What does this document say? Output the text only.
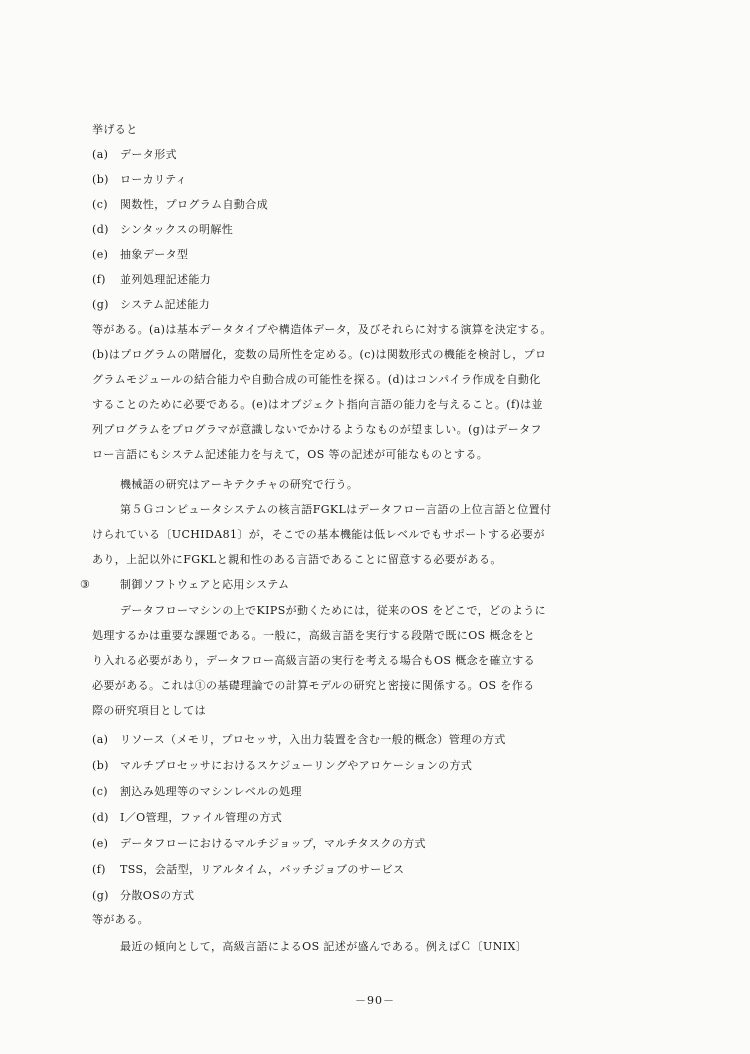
挙げると
(a) データ形式
(b) ローカリティ
(c) 関数性，プログラム自動合成
(d) シンタックスの明解性
(e) 抽象データ型
(f) 並列処理記述能力
(g) システム記述能力
等がある。(a)は基本データタイプや構造体データ，及びそれらに対する演算を決定する。
(b)はプログラムの階層化，変数の局所性を定める。(c)は関数形式の機能を検討し，プロ
グラムモジュールの結合能力や自動合成の可能性を探る。(d)はコンパイラ作成を自動化
することのために必要である。(e)はオブジェクト指向言語の能力を与えること。(f)は並
列プログラムをプログラマが意識しないでかけるようなものが望ましい。(g)はデータフ
ロー言語にもシステム記述能力を与えて，OS 等の記述が可能なものとする。
機械語の研究はアーキテクチャの研究で行う。
第５Ｇコンピュータシステムの核言語FGKLはデータフロー言語の上位言語と位置付
けられている〔UCHIDA81〕が，そこでの基本機能は低レベルでもサポートする必要が
あり，上記以外にFGKLと親和性のある言語であることに留意する必要がある。
③	制御ソフトウェアと応用システム
データフローマシンの上でKIPSが動くためには，従来のOS をどこで，どのように
処理するかは重要な課題である。一般に，高級言語を実行する段階で既にOS 概念をと
り入れる必要があり，データフロー高級言語の実行を考える場合もOS 概念を確立する
必要がある。これは①の基礎理論での計算モデルの研究と密接に関係する。OS を作る
際の研究項目としては
(a) リソース（メモリ，プロセッサ，入出力装置を含む一般的概念）管理の方式
(b) マルチプロセッサにおけるスケジューリングやアロケーションの方式
(c) 割込み処理等のマシンレベルの処理
(d) I／O管理，ファイル管理の方式
(e) データフローにおけるマルチジョップ，マルチタスクの方式
(f) TSS，会話型，リアルタイム，バッチジョブのサービス
(g) 分散OSの方式
等がある。
最近の傾向として，高級言語によるOS 記述が盛んである。例えばＣ〔UNIX〕
－90－
